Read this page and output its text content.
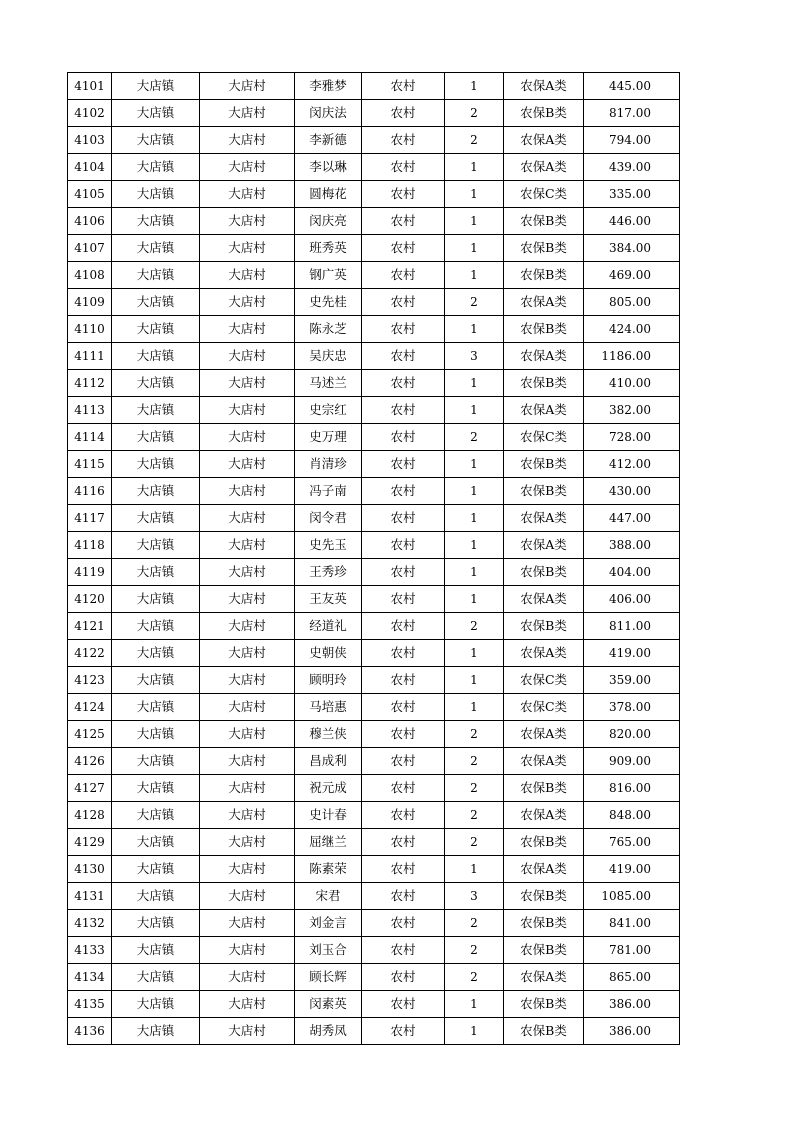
4101	大店镇	大店村	李雅梦	农村	1	农保A类	445.00
4102	大店镇	大店村	闵庆法	农村	2	农保B类	817.00
4103	大店镇	大店村	李新德	农村	2	农保A类	794.00
4104	大店镇	大店村	李以琳	农村	1	农保A类	439.00
4105	大店镇	大店村	圆梅花	农村	1	农保C类	335.00
4106	大店镇	大店村	闵庆亮	农村	1	农保B类	446.00
4107	大店镇	大店村	班秀英	农村	1	农保B类	384.00
4108	大店镇	大店村	钢广英	农村	1	农保B类	469.00
4109	大店镇	大店村	史先桂	农村	2	农保A类	805.00
4110	大店镇	大店村	陈永芝	农村	1	农保B类	424.00
4111	大店镇	大店村	吴庆忠	农村	3	农保A类	1186.00
4112	大店镇	大店村	马述兰	农村	1	农保B类	410.00
4113	大店镇	大店村	史宗红	农村	1	农保A类	382.00
4114	大店镇	大店村	史万理	农村	2	农保C类	728.00
4115	大店镇	大店村	肖清珍	农村	1	农保B类	412.00
4116	大店镇	大店村	冯子南	农村	1	农保B类	430.00
4117	大店镇	大店村	闵令君	农村	1	农保A类	447.00
4118	大店镇	大店村	史先玉	农村	1	农保A类	388.00
4119	大店镇	大店村	王秀珍	农村	1	农保B类	404.00
4120	大店镇	大店村	王友英	农村	1	农保A类	406.00
4121	大店镇	大店村	经道礼	农村	2	农保B类	811.00
4122	大店镇	大店村	史朝侠	农村	1	农保A类	419.00
4123	大店镇	大店村	顾明玲	农村	1	农保C类	359.00
4124	大店镇	大店村	马培惠	农村	1	农保C类	378.00
4125	大店镇	大店村	穆兰侠	农村	2	农保A类	820.00
4126	大店镇	大店村	昌成利	农村	2	农保A类	909.00
4127	大店镇	大店村	祝元成	农村	2	农保B类	816.00
4128	大店镇	大店村	史计春	农村	2	农保A类	848.00
4129	大店镇	大店村	屈继兰	农村	2	农保B类	765.00
4130	大店镇	大店村	陈素荣	农村	1	农保A类	419.00
4131	大店镇	大店村	宋君	农村	3	农保B类	1085.00
4132	大店镇	大店村	刘金言	农村	2	农保B类	841.00
4133	大店镇	大店村	刘玉合	农村	2	农保B类	781.00
4134	大店镇	大店村	顾长辉	农村	2	农保A类	865.00
4135	大店镇	大店村	闵素英	农村	1	农保B类	386.00
4136	大店镇	大店村	胡秀凤	农村	1	农保B类	386.00
